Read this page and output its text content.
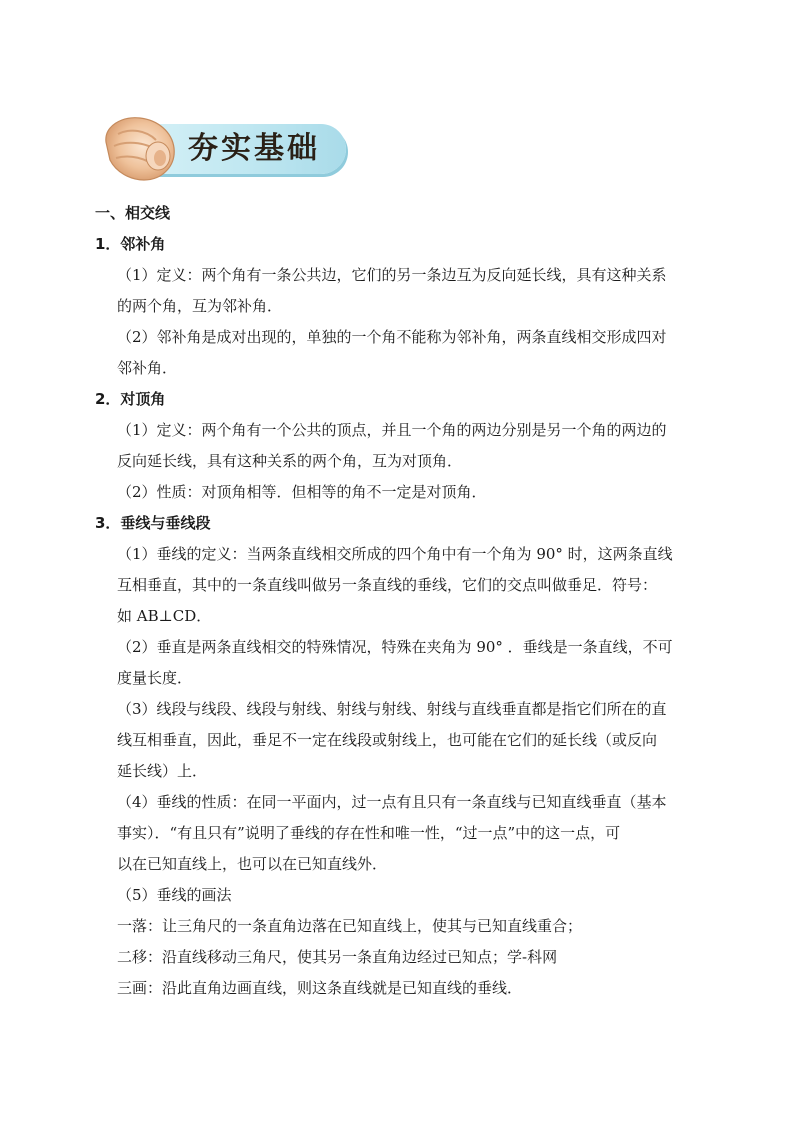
夯实基础
一、相交线
1．邻补角
（1）定义：两个角有一条公共边，它们的另一条边互为反向延长线，具有这种关系
的两个角，互为邻补角．
（2）邻补角是成对出现的，单独的一个角不能称为邻补角，两条直线相交形成四对
邻补角．
2．对顶角
（1）定义：两个角有一个公共的顶点，并且一个角的两边分别是另一个角的两边的
反向延长线，具有这种关系的两个角，互为对顶角．
（2）性质：对顶角相等．但相等的角不一定是对顶角．
3．垂线与垂线段
（1）垂线的定义：当两条直线相交所成的四个角中有一个角为 90° 时，这两条直线
互相垂直，其中的一条直线叫做另一条直线的垂线，它们的交点叫做垂足．符号：
如 AB⊥CD．
（2）垂直是两条直线相交的特殊情况，特殊在夹角为 90° ．垂线是一条直线，不可
度量长度．
（3）线段与线段、线段与射线、射线与射线、射线与直线垂直都是指它们所在的直
线互相垂直，因此，垂足不一定在线段或射线上，也可能在它们的延长线（或反向
延长线）上．
（4）垂线的性质：在同一平面内，过一点有且只有一条直线与已知直线垂直（基本
事实）．“有且只有”说明了垂线的存在性和唯一性，“过一点”中的这一点，可
以在已知直线上，也可以在已知直线外．
（5）垂线的画法
一落：让三角尺的一条直角边落在已知直线上，使其与已知直线重合；
二移：沿直线移动三角尺，使其另一条直角边经过已知点；学-科网
三画：沿此直角边画直线，则这条直线就是已知直线的垂线．
